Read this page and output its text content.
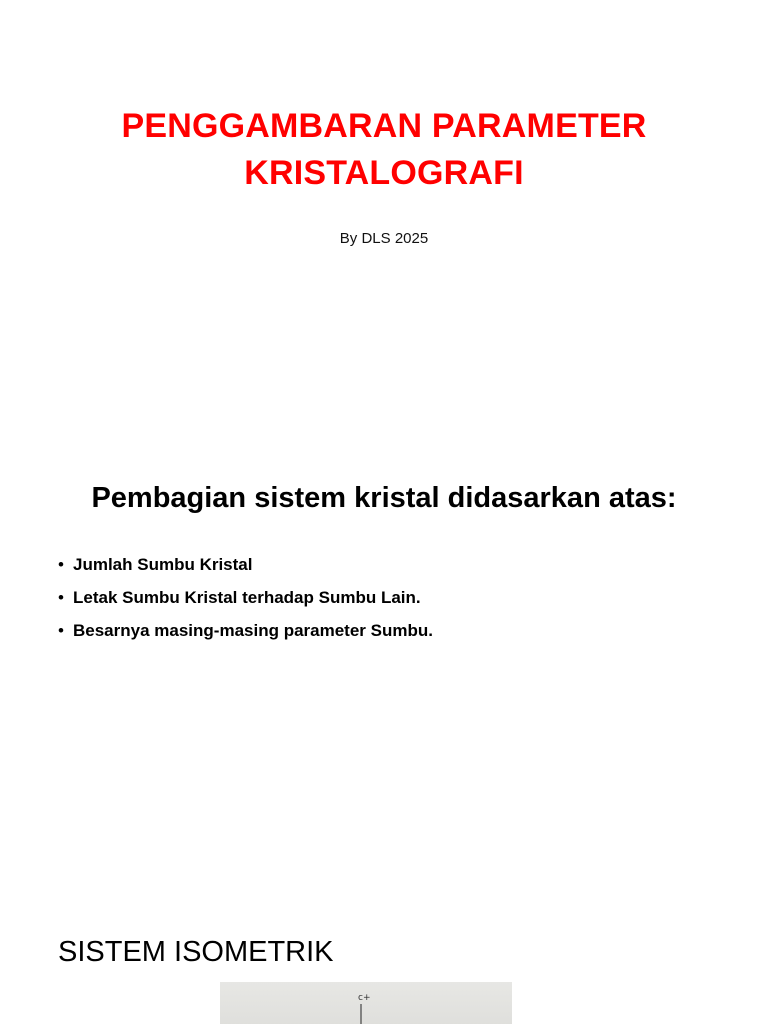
PENGGAMBARAN PARAMETER
KRISTALOGRAFI
By DLS 2025
Pembagian sistem kristal didasarkan atas:
• Jumlah Sumbu Kristal
• Letak Sumbu Kristal terhadap Sumbu Lain.
• Besarnya masing-masing parameter Sumbu.
SISTEM ISOMETRIK
c+
